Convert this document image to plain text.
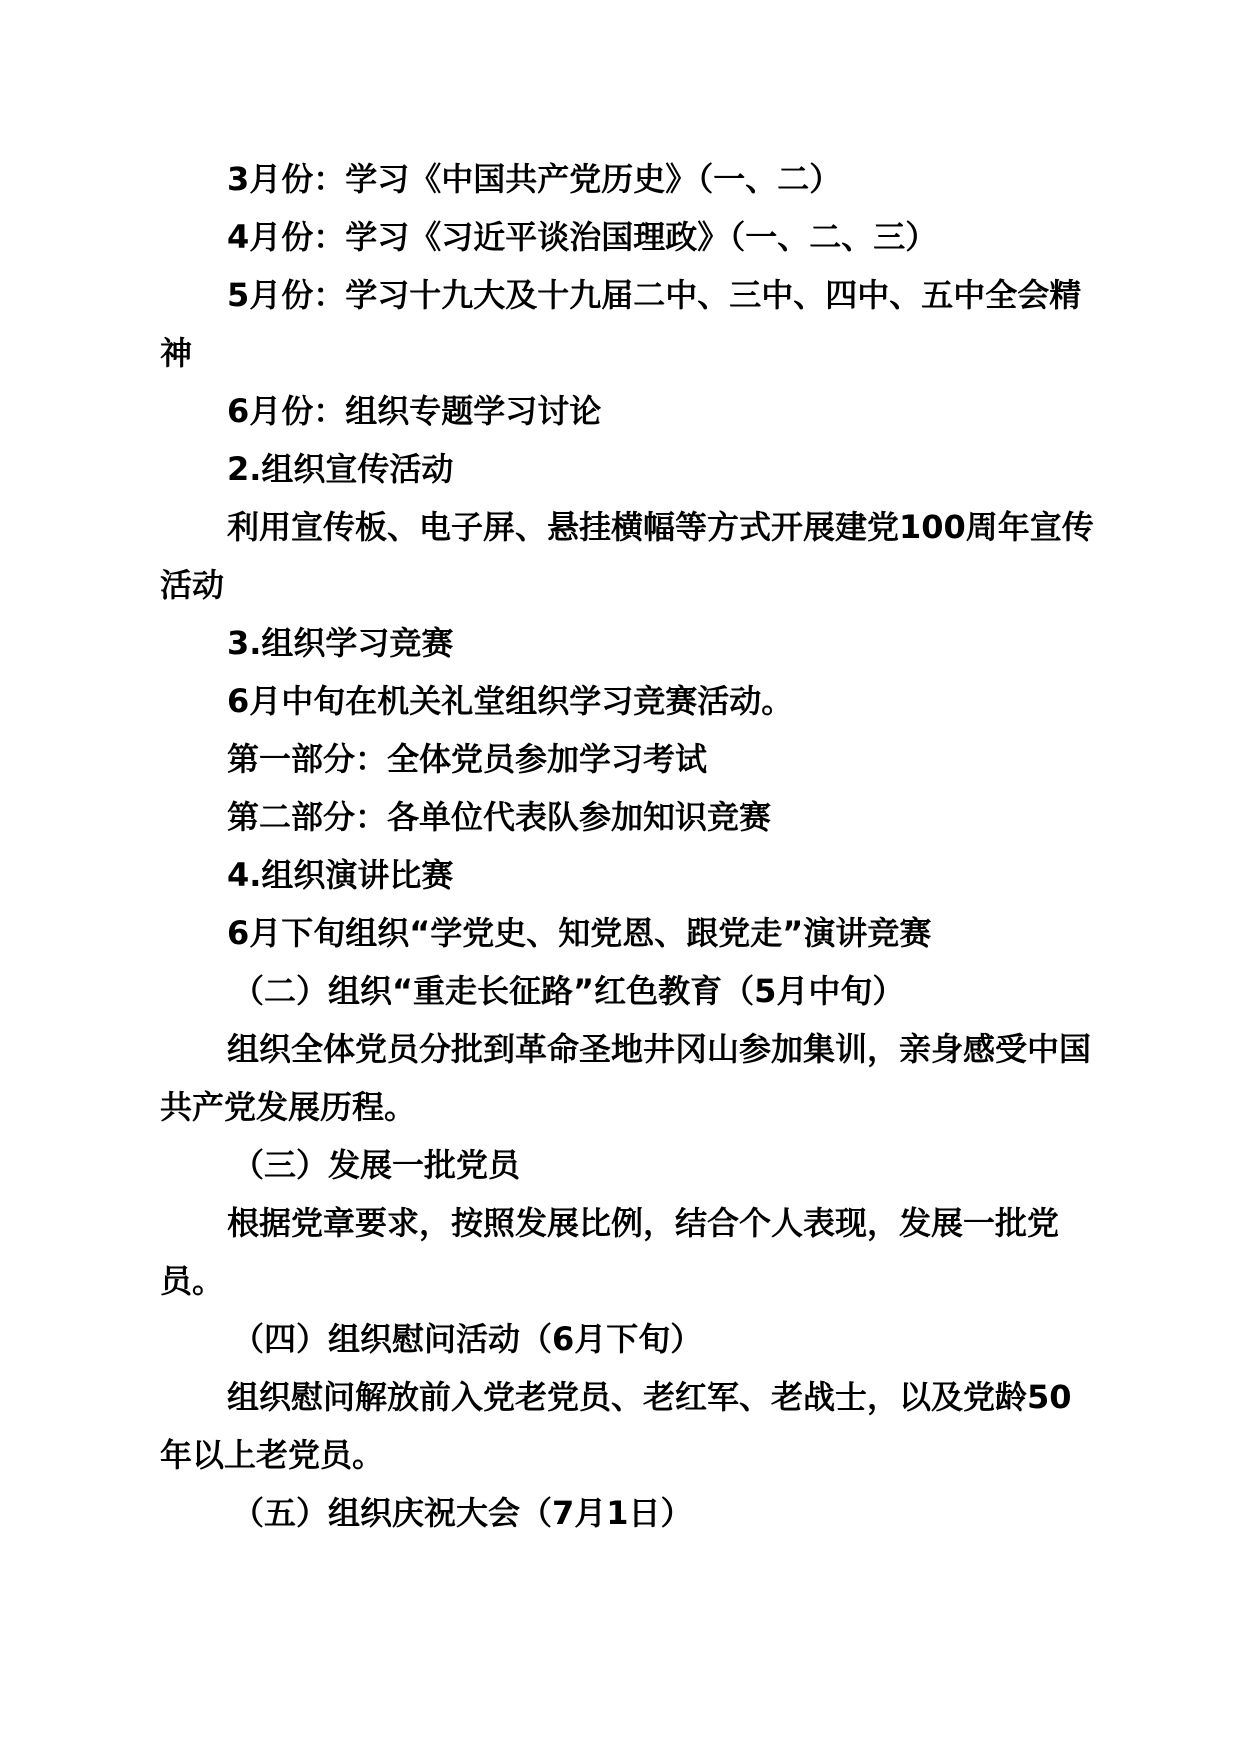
3月份：学习《中国共产党历史》（一、二）

4月份：学习《习近平谈治国理政》（一、二、三）

5月份：学习十九大及十九届二中、三中、四中、五中全会精神

6月份：组织专题学习讨论

2.组织宣传活动

利用宣传板、电子屏、悬挂横幅等方式开展建党100周年宣传活动

3.组织学习竞赛

6月中旬在机关礼堂组织学习竞赛活动。

第一部分：全体党员参加学习考试

第二部分：各单位代表队参加知识竞赛

4.组织演讲比赛

6月下旬组织“学党史、知党恩、跟党走”演讲竞赛

（二）组织“重走长征路”红色教育（5月中旬）

组织全体党员分批到革命圣地井冈山参加集训，亲身感受中国共产党发展历程。

（三）发展一批党员

根据党章要求，按照发展比例，结合个人表现，发展一批党员。

（四）组织慰问活动（6月下旬）

组织慰问解放前入党老党员、老红军、老战士，以及党龄50年以上老党员。

（五）组织庆祝大会（7月1日）
